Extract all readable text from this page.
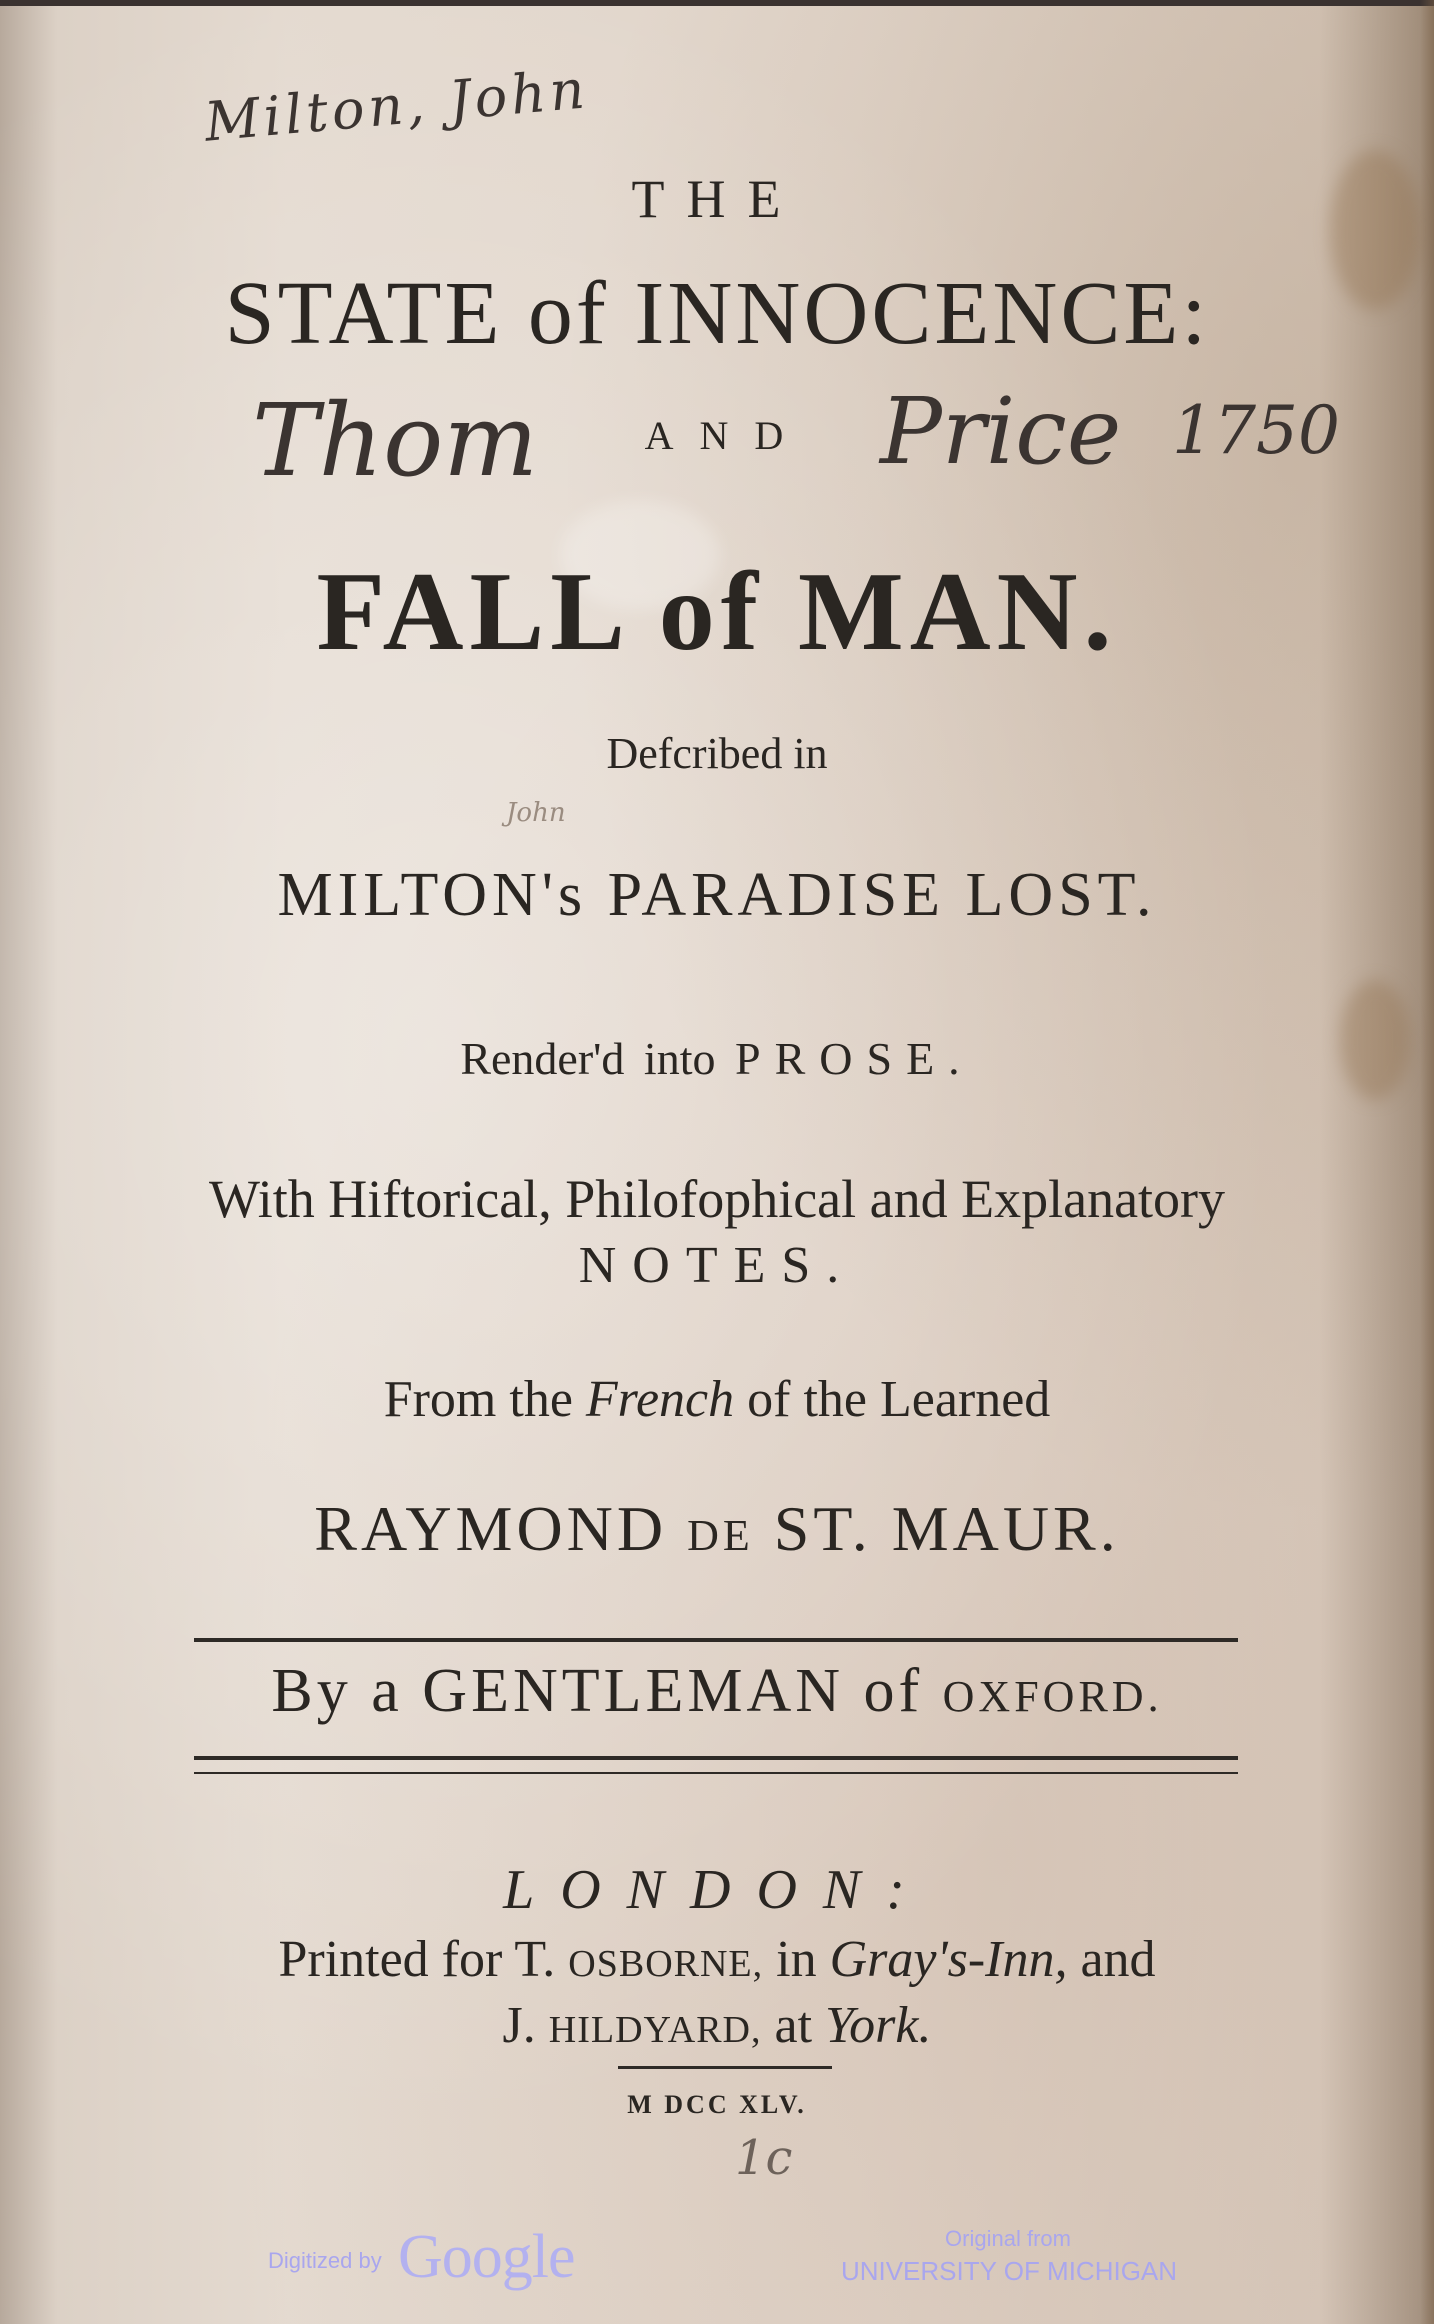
Milton, John
Thom	Price 1750
John
1c
THE
STATE of INNOCENCE:
AND
FALL of MAN.
Defcribed in
MILTON's PARADISE LOST.
Render'd into PROSE.
With Hiftorical, Philofophical and Explanatory
NOTES.
From the French of the Learned
RAYMOND DE ST. MAUR.
By a GENTLEMAN of OXFORD.
LONDON:
Printed for T. OSBORNE, in Gray's-Inn, and
J. HILDYARD, at York.
M DCC XLV.
Digitized by Google	Original from
UNIVERSITY OF MICHIGAN
